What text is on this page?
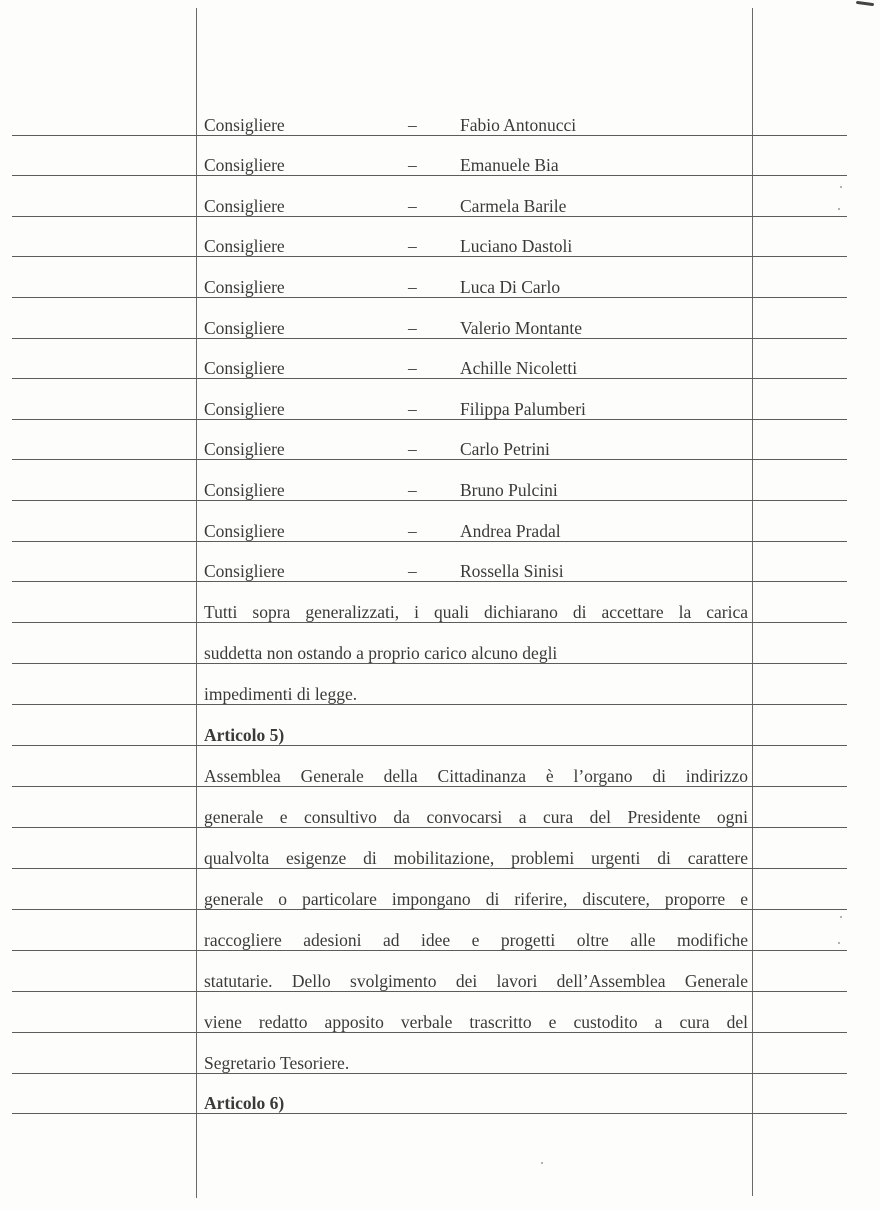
Consigliere	– Fabio Antonucci
Consigliere	– Emanuele Bia
Consigliere	– Carmela Barile
Consigliere	– Luciano Dastoli
Consigliere	– Luca Di Carlo
Consigliere	– Valerio Montante
Consigliere	– Achille Nicoletti
Consigliere	– Filippa Palumberi
Consigliere	– Carlo Petrini
Consigliere	– Bruno Pulcini
Consigliere	– Andrea Pradal
Consigliere	– Rossella Sinisi
Tutti sopra generalizzati, i quali dichiarano di accettare la carica
suddetta non ostando a proprio carico alcuno degli
impedimenti di legge.
Articolo 5)
Assemblea Generale della Cittadinanza è l’organo di indirizzo
generale e consultivo da convocarsi a cura del Presidente ogni
qualvolta esigenze di mobilitazione, problemi urgenti di carattere
generale o particolare impongano di riferire, discutere, proporre e
raccogliere adesioni ad idee e progetti oltre alle modifiche
statutarie. Dello svolgimento dei lavori dell’Assemblea Generale
viene redatto apposito verbale trascritto e custodito a cura del
Segretario Tesoriere.
Articolo 6)
